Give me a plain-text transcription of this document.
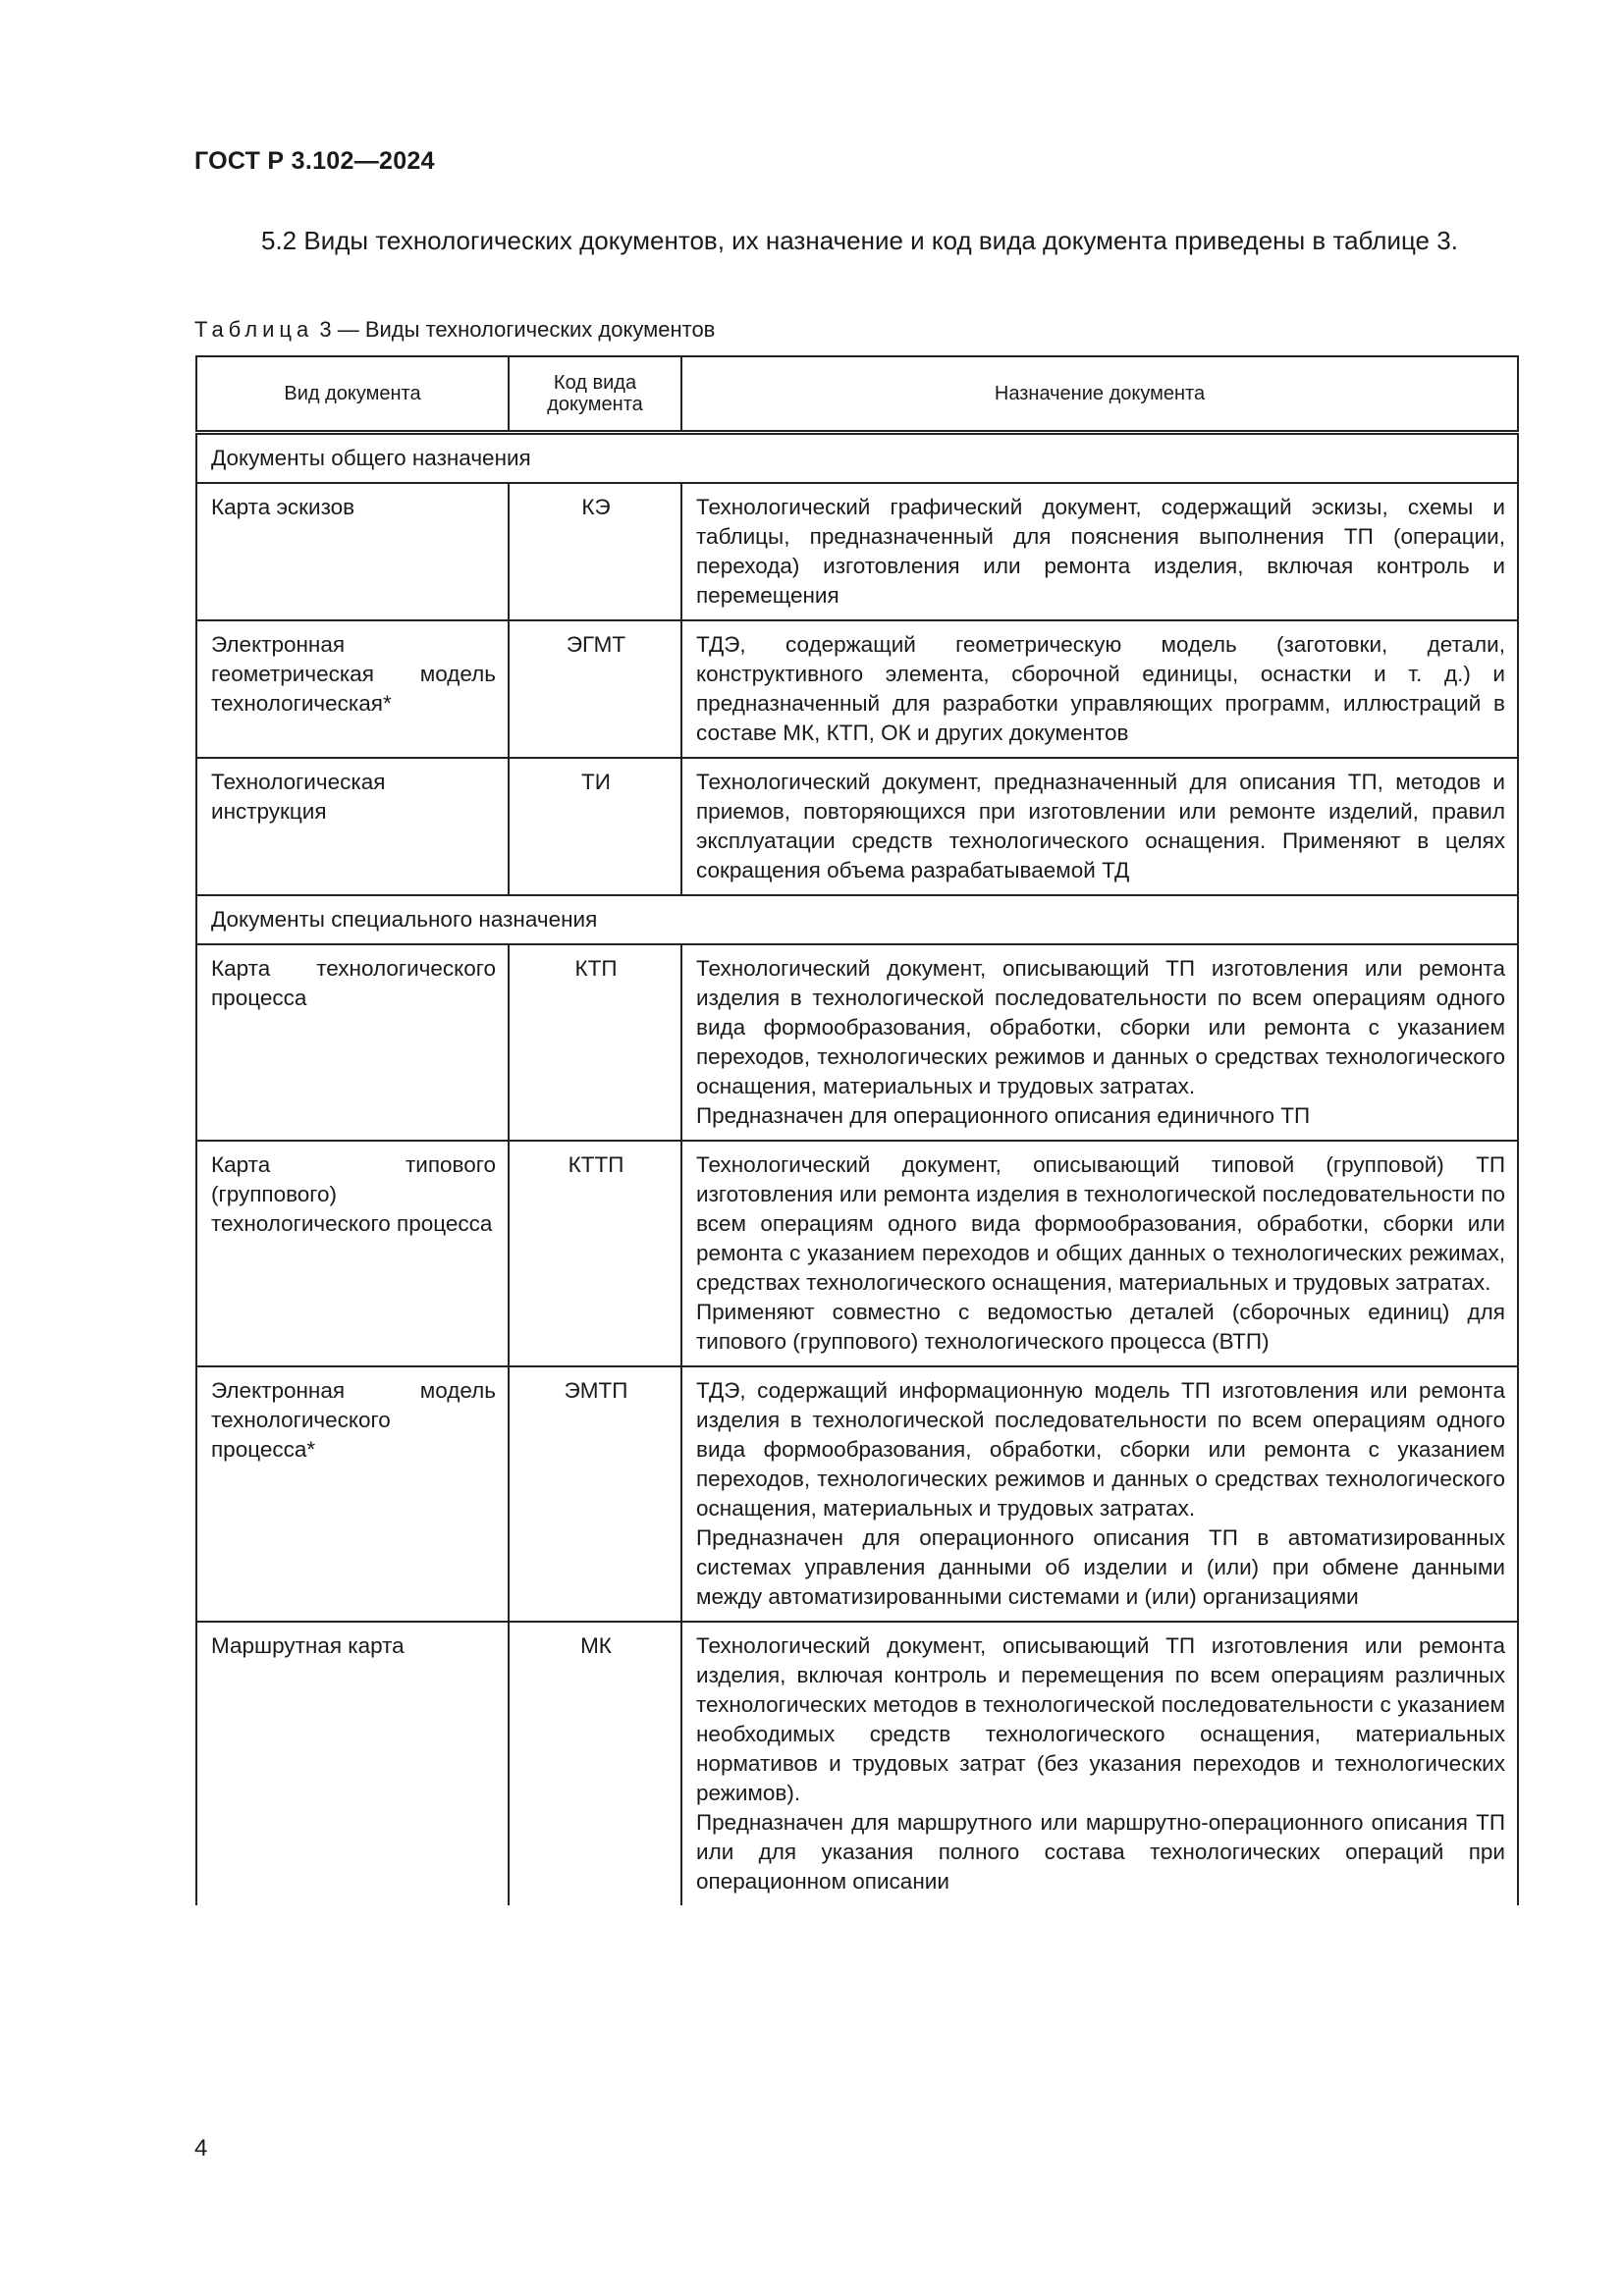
ГОСТ Р 3.102—2024

5.2 Виды технологических документов, их назначение и код вида документа приведены в таблице 3.

Таблица 3 — Виды технологических документов
Вид документа	Код вида документа	Назначение документа
Документы общего назначения		
Карта эскизов	КЭ	Технологический графический документ, содержащий эскизы, схемы и таблицы, предназначенный для пояснения выполнения ТП (операции, перехода) изготовления или ремонта изделия, включая контроль и перемещения

Электронная геометрическая модель технологическая*	ЭГМТ	ТДЭ, содержащий геометрическую модель (заготовки, детали, конструктивного элемента, сборочной единицы, оснастки и т. д.) и предназначенный для разработки управляющих программ, иллюстраций в составе МК, КТП, ОК и других документов

Технологическая инструкция	ТИ	Технологический документ, предназначенный для описания ТП, методов и приемов, повторяющихся при изготовлении или ремонте изделий, правил эксплуатации средств технологического оснащения. Применяют в целях сокращения объема разрабатываемой ТД

Документы специального назначения		
Карта технологического процесса	КТП	Технологический документ, описывающий ТП изготовления или ремонта изделия в технологической последовательности по всем операциям одного вида формообразования, обработки, сборки или ремонта с указанием переходов, технологических режимов и данных о средствах технологического оснащения, материальных и трудовых затратах.

Предназначен для операционного описания единичного ТП

Карта типового (группового) технологического процесса	КТТП	Технологический документ, описывающий типовой (групповой) ТП изготовления или ремонта изделия в технологической последовательности по всем операциям одного вида формообразования, обработки, сборки или ремонта с указанием переходов и общих данных о технологических режимах, средствах технологического оснащения, материальных и трудовых затратах.

Применяют совместно с ведомостью деталей (сборочных единиц) для типового (группового) технологического процесса (ВТП)

Электронная модель технологического процесса*	ЭМТП	ТДЭ, содержащий информационную модель ТП изготовления или ремонта изделия в технологической последовательности по всем операциям одного вида формообразования, обработки, сборки или ремонта с указанием переходов, технологических режимов и данных о средствах технологического оснащения, материальных и трудовых затратах.

Предназначен для операционного описания ТП в автоматизированных системах управления данными об изделии и (или) при обмене данными между автоматизированными системами и (или) организациями

Маршрутная карта	МК	Технологический документ, описывающий ТП изготовления или ремонта изделия, включая контроль и перемещения по всем операциям различных технологических методов в технологической последовательности с указанием необходимых средств технологического оснащения, материальных нормативов и трудовых затрат (без указания переходов и технологических режимов).

Предназначен для маршрутного или маршрутно-операционного описания ТП или для указания полного состава технологических операций при операционном описании

4
